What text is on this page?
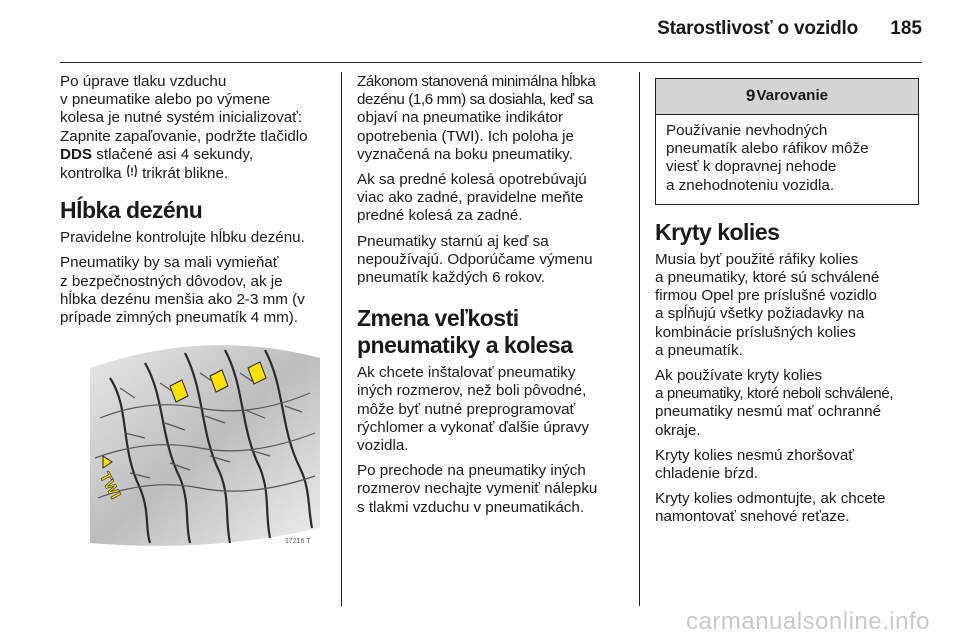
Starostlivosť o vozidlo 185

Po úprave tlaku vzduchu
v pneumatike alebo po výmene
kolesa je nutné systém inicializovať:
Zapnite zapaľovanie, podržte tlačidlo
DDS stlačené asi 4 sekundy,
kontrolka  trikrát blikne.

Hĺbka dezénu

Pravidelne kontrolujte hĺbku dezénu.

Pneumatiky by sa mali vymieňať
z bezpečnostných dôvodov, ak je
hĺbka dezénu menšia ako 2-3 mm (v
prípade zimných pneumatík 4 mm).

TWI
17216 T

Zákonom stanovená minimálna hĺbka
dezénu (1,6 mm) sa dosiahla, keď sa
objaví na pneumatike indikátor
opotrebenia (TWI). Ich poloha je
vyznačená na boku pneumatiky.

Ak sa predné kolesá opotrebúvajú
viac ako zadné, pravidelne meňte
predné kolesá za zadné.

Pneumatiky starnú aj keď sa
nepoužívajú. Odporúčame výmenu
pneumatík každých 6 rokov.

Zmena veľkosti
pneumatiky a kolesa

Ak chcete inštalovať pneumatiky
iných rozmerov, než boli pôvodné,
môže byť nutné preprogramovať
rýchlomer a vykonať ďalšie úpravy
vozidla.

Po prechode na pneumatiky iných
rozmerov nechajte vymeniť nálepku
s tlakmi vzduchu v pneumatikách.

9 Varovanie
Používanie nevhodných
pneumatík alebo ráfikov môže
viesť k dopravnej nehode
a znehodnoteniu vozidla.
Kryty kolies

Musia byť použité ráfiky kolies
a pneumatiky, ktoré sú schválené
firmou Opel pre príslušné vozidlo
a spĺňujú všetky požiadavky na
kombinácie príslušných kolies
a pneumatík.

Ak používate kryty kolies
a pneumatiky, ktoré neboli schválené,
pneumatiky nesmú mať ochranné
okraje.

Kryty kolies nesmú zhoršovať
chladenie bŕzd.

Kryty kolies odmontujte, ak chcete
namontovať snehové reťaze.

carmanualsonline.info
